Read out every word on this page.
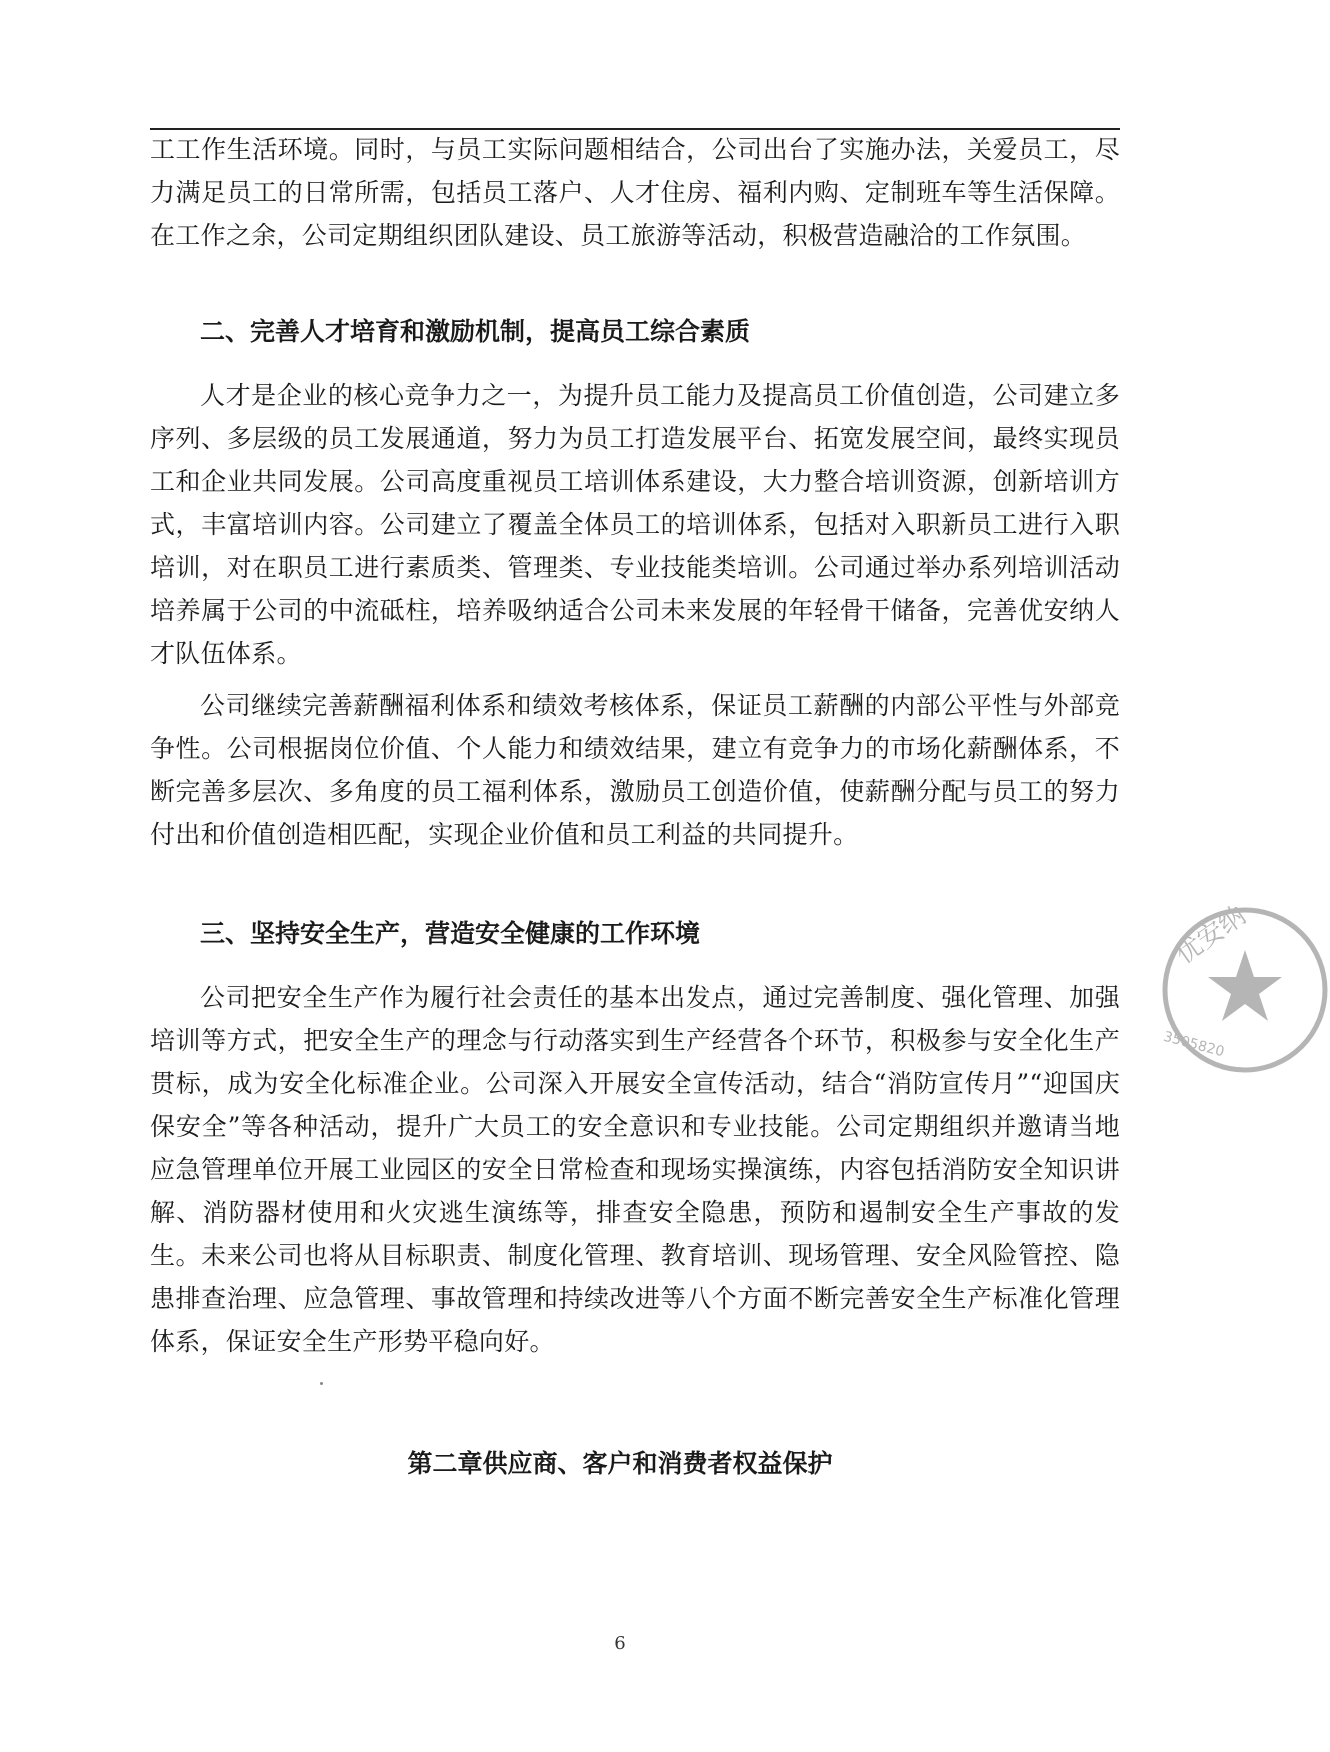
工工作生活环境。同时，与员工实际问题相结合，公司出台了实施办法，关爱员工，尽力满足员工的日常所需，包括员工落户、人才住房、福利内购、定制班车等生活保障。在工作之余，公司定期组织团队建设、员工旅游等活动，积极营造融洽的工作氛围。

二、完善人才培育和激励机制，提高员工综合素质

人才是企业的核心竞争力之一，为提升员工能力及提高员工价值创造，公司建立多序列、多层级的员工发展通道，努力为员工打造发展平台、拓宽发展空间，最终实现员工和企业共同发展。公司高度重视员工培训体系建设，大力整合培训资源，创新培训方式，丰富培训内容。公司建立了覆盖全体员工的培训体系，包括对入职新员工进行入职培训，对在职员工进行素质类、管理类、专业技能类培训。公司通过举办系列培训活动培养属于公司的中流砥柱，培养吸纳适合公司未来发展的年轻骨干储备，完善优安纳人才队伍体系。

公司继续完善薪酬福利体系和绩效考核体系，保证员工薪酬的内部公平性与外部竞争性。公司根据岗位价值、个人能力和绩效结果，建立有竞争力的市场化薪酬体系，不断完善多层次、多角度的员工福利体系，激励员工创造价值，使薪酬分配与员工的努力付出和价值创造相匹配，实现企业价值和员工利益的共同提升。

三、坚持安全生产，营造安全健康的工作环境

公司把安全生产作为履行社会责任的基本出发点，通过完善制度、强化管理、加强培训等方式，把安全生产的理念与行动落实到生产经营各个环节，积极参与安全化生产贯标，成为安全化标准企业。公司深入开展安全宣传活动，结合“消防宣传月”“迎国庆保安全”等各种活动，提升广大员工的安全意识和专业技能。公司定期组织并邀请当地应急管理单位开展工业园区的安全日常检查和现场实操演练，内容包括消防安全知识讲解、消防器材使用和火灾逃生演练等，排查安全隐患，预防和遏制安全生产事故的发生。未来公司也将从目标职责、制度化管理、教育培训、现场管理、安全风险管控、隐患排查治理、应急管理、事故管理和持续改进等八个方面不断完善安全生产标准化管理体系，保证安全生产形势平稳向好。

第二章供应商、客户和消费者权益保护
6
优安纳
3505820
